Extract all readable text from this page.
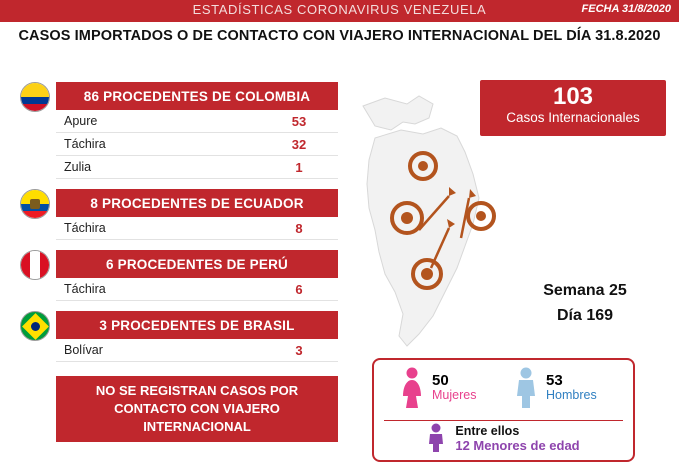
ESTADÍSTICAS CORONAVIRUS VENEZUELA	FECHA 31/8/2020
CASOS IMPORTADOS O DE CONTACTO CON VIAJERO INTERNACIONAL DEL DÍA 31.8.2020
86 PROCEDENTES DE COLOMBIA
Apure	53
Táchira	32
Zulia	1
8 PROCEDENTES DE ECUADOR
Táchira	8
6 PROCEDENTES DE PERÚ
Táchira	6
3 PROCEDENTES DE BRASIL
Bolívar	3
NO SE REGISTRAN CASOS POR CONTACTO CON VIAJERO INTERNACIONAL
103
Casos Internacionales
Semana 25
Día 169
50
Mujeres
53
Hombres
Entre ellos
12 Menores de edad
